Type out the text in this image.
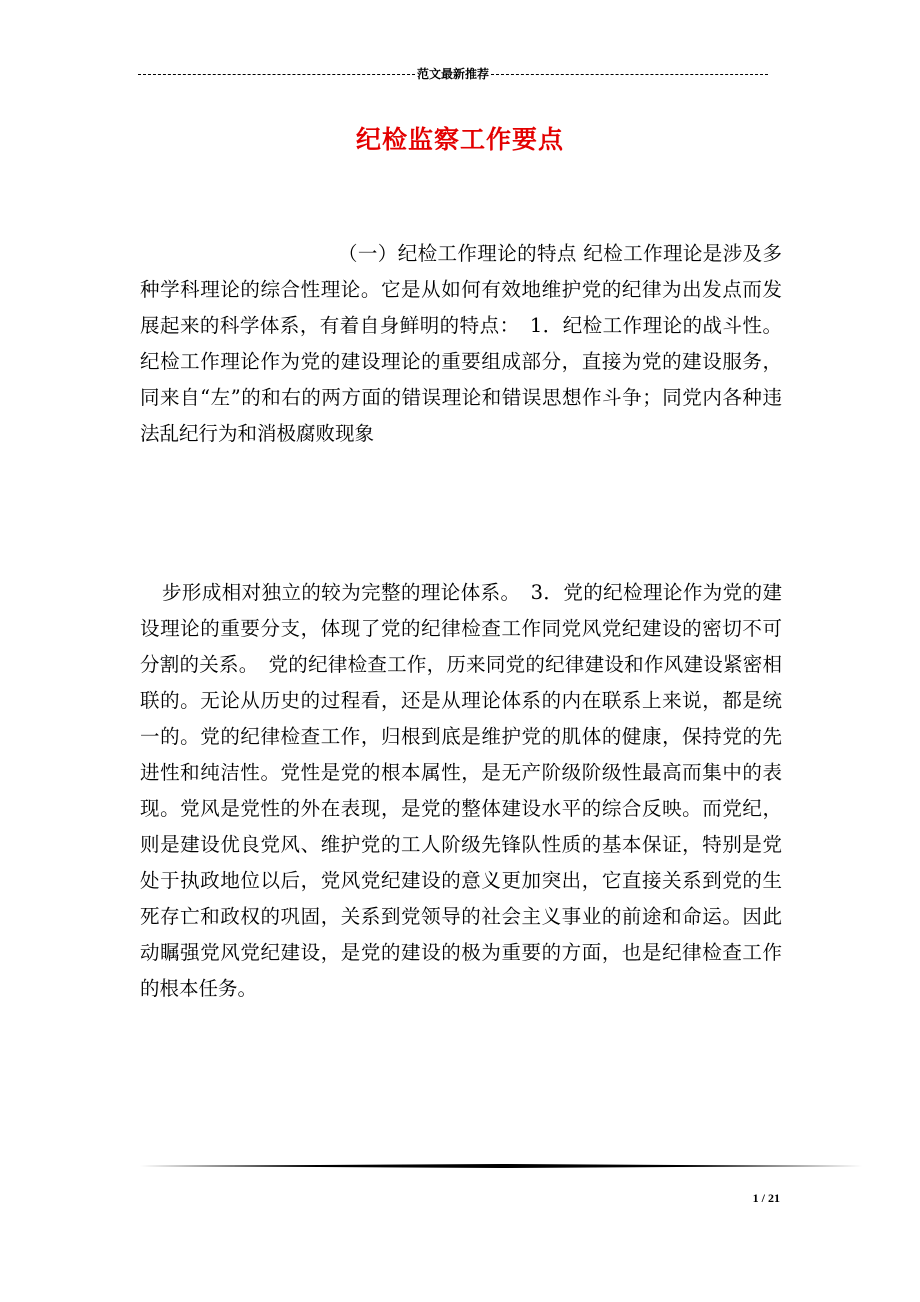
范文最新推荐
纪检监察工作要点
（一）纪检工作理论的特点 纪检工作理论是涉及多种学科理论的综合性理论。它是从如何有效地维护党的纪律为出发点而发展起来的科学体系，有着自身鲜明的特点：　1．纪检工作理论的战斗性。纪检工作理论作为党的建设理论的重要组成部分，直接为党的建设服务，同来自“左”的和右的两方面的错误理论和错误思想作斗争；同党内各种违法乱纪行为和消极腐败现象
步形成相对独立的较为完整的理论体系。　3．党的纪检理论作为党的建设理论的重要分支，体现了党的纪律检查工作同党风党纪建设的密切不可分割的关系。　党的纪律检查工作，历来同党的纪律建设和作风建设紧密相联的。无论从历史的过程看，还是从理论体系的内在联系上来说，都是统一的。党的纪律检查工作，归根到底是维护党的肌体的健康，保持党的先进性和纯洁性。党性是党的根本属性，是无产阶级阶级性最高而集中的表现。党风是党性的外在表现，是党的整体建设水平的综合反映。而党纪，则是建设优良党风、维护党的工人阶级先锋队性质的基本保证，特别是党处于执政地位以后，党风党纪建设的意义更加突出，它直接关系到党的生死存亡和政权的巩固，关系到党领导的社会主义事业的前途和命运。因此动瞩强党风党纪建设，是党的建设的极为重要的方面，也是纪律检查工作的根本任务。
1 / 21
